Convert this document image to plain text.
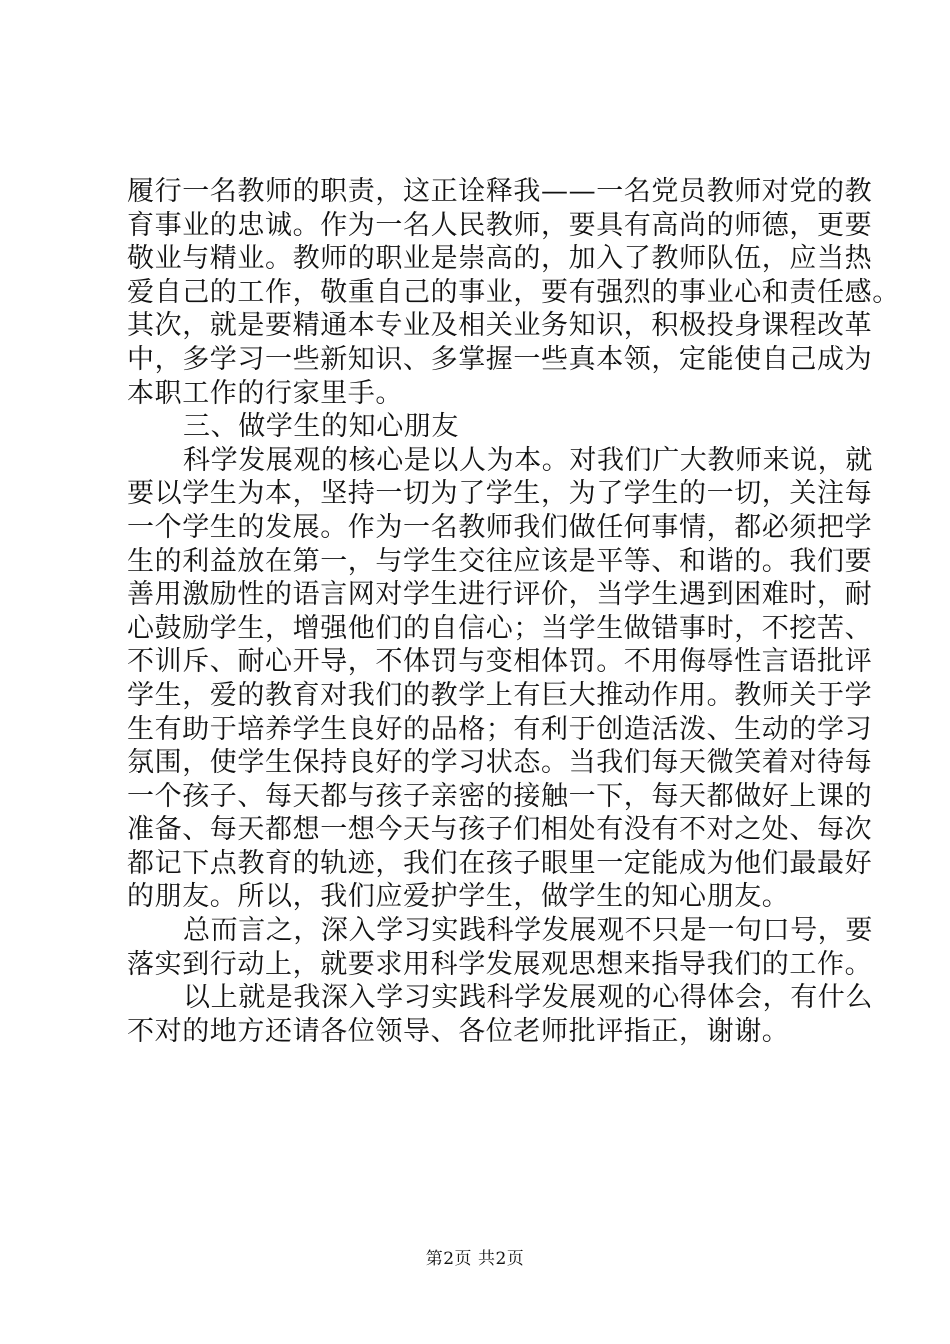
履行一名教师的职责，这正诠释我——一名党员教师对党的教
育事业的忠诚。作为一名人民教师，要具有高尚的师德，更要
敬业与精业。教师的职业是崇高的，加入了教师队伍，应当热
爱自己的工作，敬重自己的事业，要有强烈的事业心和责任感。
其次，就是要精通本专业及相关业务知识，积极投身课程改革
中，多学习一些新知识、多掌握一些真本领，定能使自己成为
本职工作的行家里手。
三、做学生的知心朋友
科学发展观的核心是以人为本。对我们广大教师来说，就
要以学生为本，坚持一切为了学生，为了学生的一切，关注每
一个学生的发展。作为一名教师我们做任何事情，都必须把学
生的利益放在第一，与学生交往应该是平等、和谐的。我们要
善用激励性的语言网对学生进行评价，当学生遇到困难时，耐
心鼓励学生，增强他们的自信心；当学生做错事时，不挖苦、
不训斥、耐心开导，不体罚与变相体罚。不用侮辱性言语批评
学生，爱的教育对我们的教学上有巨大推动作用。教师关于学
生有助于培养学生良好的品格；有利于创造活泼、生动的学习
氛围，使学生保持良好的学习状态。当我们每天微笑着对待每
一个孩子、每天都与孩子亲密的接触一下，每天都做好上课的
准备、每天都想一想今天与孩子们相处有没有不对之处、每次
都记下点教育的轨迹，我们在孩子眼里一定能成为他们最最好
的朋友。所以，我们应爱护学生，做学生的知心朋友。
总而言之，深入学习实践科学发展观不只是一句口号，要
落实到行动上，就要求用科学发展观思想来指导我们的工作。
以上就是我深入学习实践科学发展观的心得体会，有什么
不对的地方还请各位领导、各位老师批评指正，谢谢。
第2页 共2页
